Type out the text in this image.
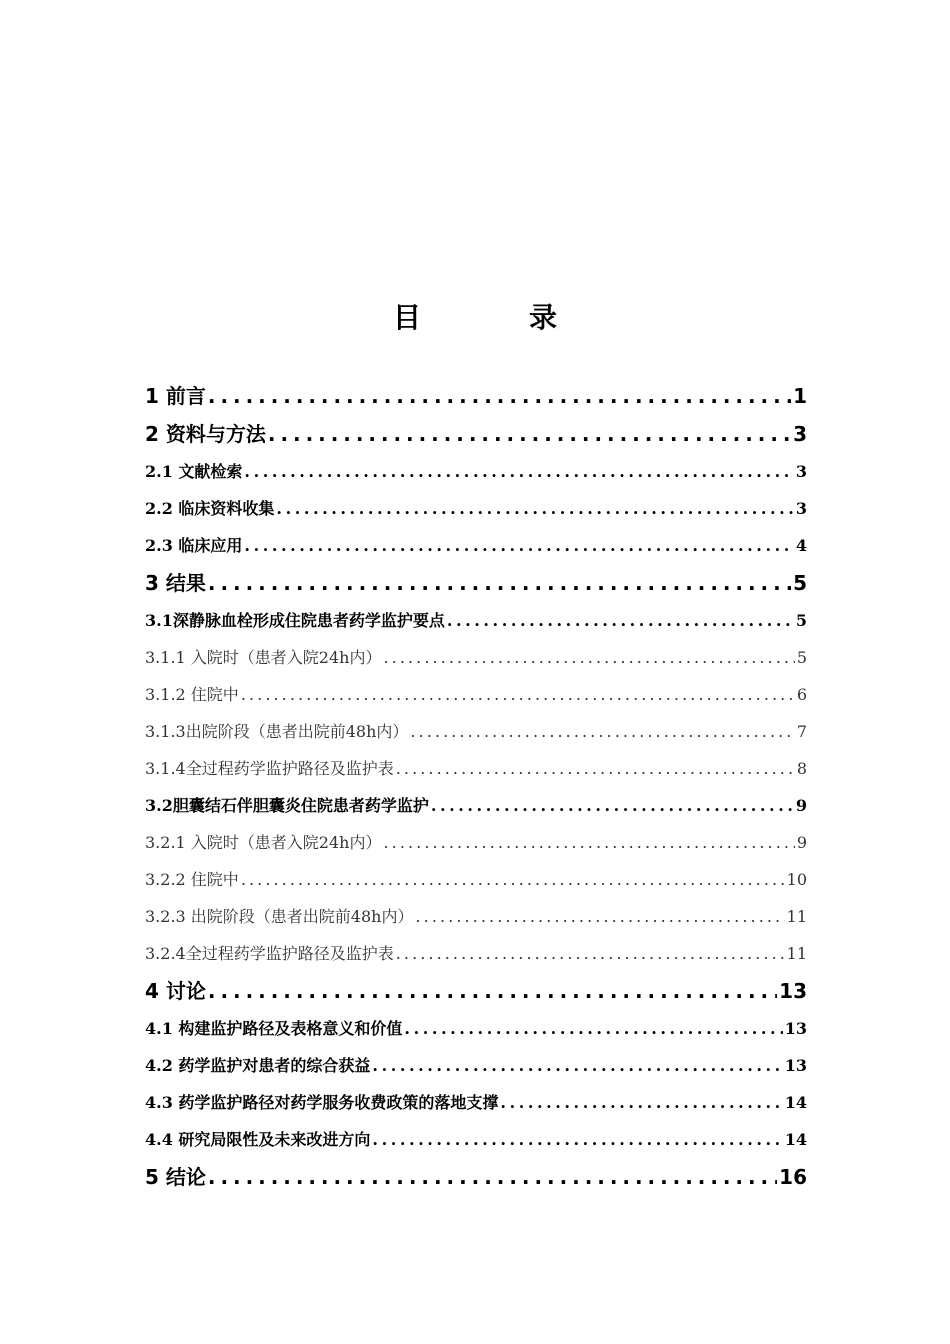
目　录
1 前言 . . .	1
2 资料与方法 . . .	3
2.1 文献检索 . . .	3
2.2 临床资料收集 . . .	3
2.3 临床应用 . . .	4
3 结果 . . .	5
3.1深静脉血栓形成住院患者药学监护要点 . . .	5
3.1.1 入院时（患者入院24h内） . . .	5
3.1.2 住院中 . . .	6
3.1.3出院阶段（患者出院前48h内） . . .	7
3.1.4全过程药学监护路径及监护表 . . .	8
3.2胆囊结石伴胆囊炎住院患者药学监护 . . .	9
3.2.1 入院时（患者入院24h内） . . .	9
3.2.2 住院中 . . .	10
3.2.3 出院阶段（患者出院前48h内） . . .	11
3.2.4全过程药学监护路径及监护表 . . .	11
4 讨论 . . .	13
4.1 构建监护路径及表格意义和价值 . . .	13
4.2 药学监护对患者的综合获益 . . .	13
4.3 药学监护路径对药学服务收费政策的落地支撑 . . .	14
4.4 研究局限性及未来改进方向 . . .	14
5 结论 . . .	16
